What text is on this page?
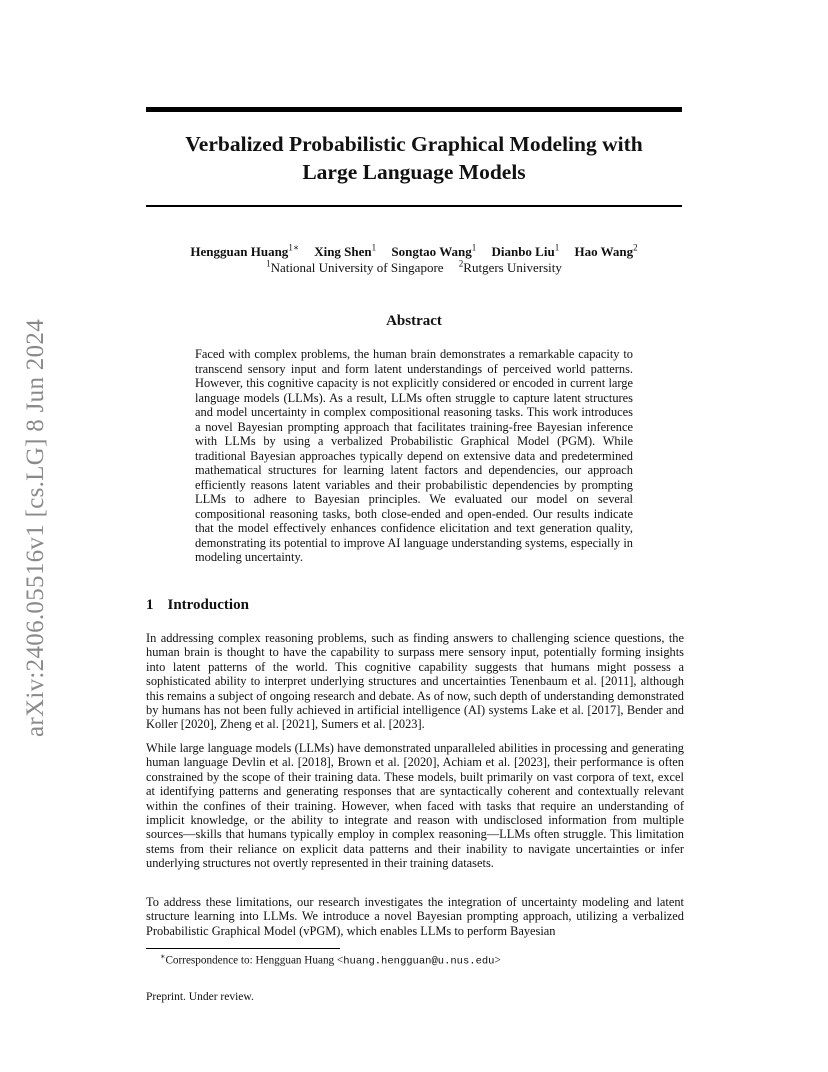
arXiv:2406.05516v1 [cs.LG] 8 Jun 2024
Verbalized Probabilistic Graphical Modeling with
Large Language Models
Hengguan Huang$^{1∗}$ Xing Shen$^1$ Songtao Wang$^1$ Dianbo Liu$^1$ Hao Wang$^2$
$^1$National University of Singapore $^2$Rutgers University
Abstract
Faced with complex problems, the human brain demonstrates a remarkable capacity to transcend sensory input and form latent understandings of perceived world patterns. However, this cognitive capacity is not explicitly considered or encoded in current large language models (LLMs). As a result, LLMs often struggle to capture latent structures and model uncertainty in complex compositional reasoning tasks. This work introduces a novel Bayesian prompting approach that facilitates training-free Bayesian inference with LLMs by using a verbalized Probabilistic Graphical Model (PGM). While traditional Bayesian approaches typically depend on extensive data and predetermined mathematical structures for learning latent factors and dependencies, our approach efficiently reasons latent variables and their probabilistic dependencies by prompting LLMs to adhere to Bayesian principles. We evaluated our model on several compositional reasoning tasks, both close-ended and open-ended. Our results indicate that the model effectively enhances confidence elicitation and text generation quality, demonstrating its potential to improve AI language understanding systems, especially in modeling uncertainty.
1 Introduction

In addressing complex reasoning problems, such as finding answers to challenging science questions, the human brain is thought to have the capability to surpass mere sensory input, potentially forming insights into latent patterns of the world. This cognitive capability suggests that humans might possess a sophisticated ability to interpret underlying structures and uncertainties Tenenbaum et al. [2011], although this remains a subject of ongoing research and debate. As of now, such depth of understanding demonstrated by humans has not been fully achieved in artificial intelligence (AI) systems Lake et al. [2017], Bender and Koller [2020], Zheng et al. [2021], Sumers et al. [2023].

While large language models (LLMs) have demonstrated unparalleled abilities in processing and generating human language Devlin et al. [2018], Brown et al. [2020], Achiam et al. [2023], their performance is often constrained by the scope of their training data. These models, built primarily on vast corpora of text, excel at identifying patterns and generating responses that are syntactically coherent and contextually relevant within the confines of their training. However, when faced with tasks that require an understanding of implicit knowledge, or the ability to integrate and reason with undisclosed information from multiple sources—skills that humans typically employ in complex reasoning—LLMs often struggle. This limitation stems from their reliance on explicit data patterns and their inability to navigate uncertainties or infer underlying structures not overtly represented in their training datasets.

To address these limitations, our research investigates the integration of uncertainty modeling and latent structure learning into LLMs. We introduce a novel Bayesian prompting approach, utilizing a verbalized Probabilistic Graphical Model (vPGM), which enables LLMs to perform Bayesian

∗Correspondence to: Hengguan Huang <huang.hengguan@u.nus.edu>
Preprint. Under review.
